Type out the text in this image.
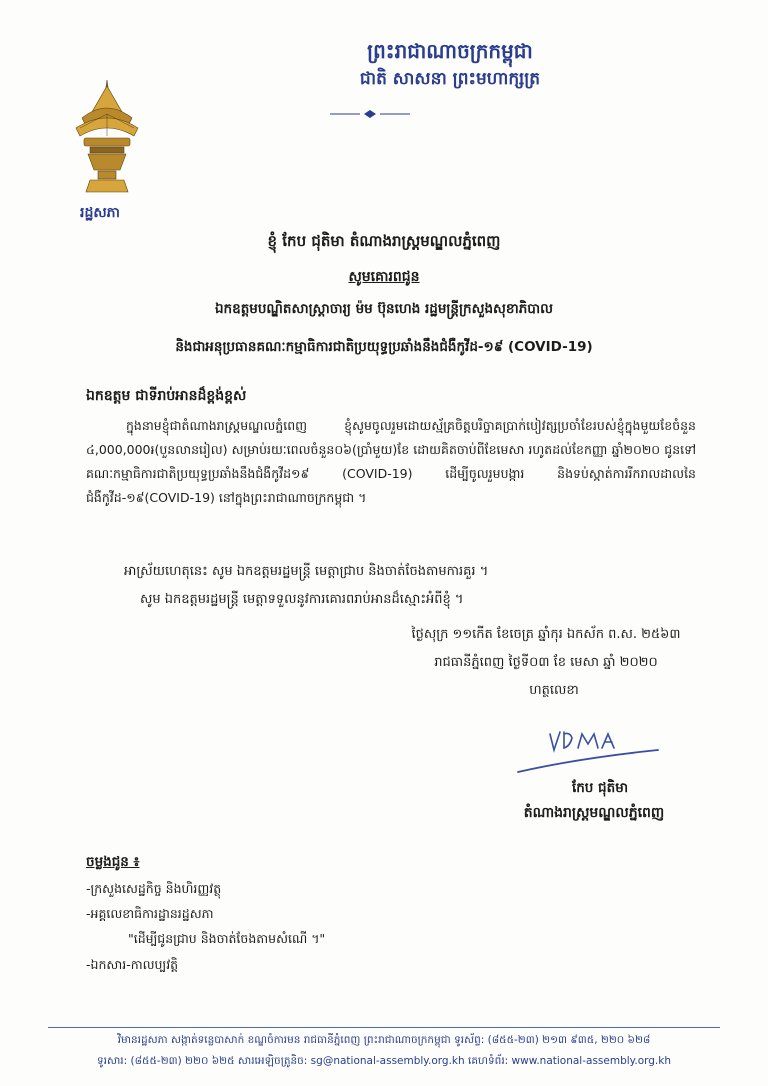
ព្រះរាជាណាចក្រកម្ពុជា
ជាតិ សាសនា ព្រះមហាក្សត្រ
រដ្ឋសភា
ខ្ញុំ កែប ជុតិមា តំណាងរាស្ត្រមណ្ឌលភ្នំពេញ
សូមគោរពជូន
ឯកឧត្តមបណ្ឌិតសាស្ត្រាចារ្យ ម៉ម ប៊ុនហេង រដ្ឋមន្ត្រីក្រសួងសុខាភិបាល
និងជាអនុប្រធានគណៈកម្មាធិការជាតិប្រយុទ្ធប្រឆាំងនឹងជំងឺកូវីដ-១៩ (COVID-19)
ឯកឧត្តម ជាទីរាប់អានដ៏ខ្ពង់ខ្ពស់
ក្នុងនាមខ្ញុំជាតំណាងរាស្ត្រមណ្ឌលភ្នំពេញ ខ្ញុំសូមចូលរួមដោយស្ម័គ្រចិត្តបរិច្ចាគប្រាក់បៀវត្សប្រចាំខែរបស់ខ្ញុំក្នុងមួយខែចំនួន ៤,000,000៛(បួនលានរៀល) សម្រាប់រយៈពេលចំនួន០៦(ប្រាំមួយ)ខែ ដោយគិតចាប់ពីខែមេសា រហូតដល់ខែកញ្ញា ឆ្នាំ២០២០ ជូនទៅគណៈកម្មាធិការជាតិប្រយុទ្ធប្រឆាំងនឹងជំងឺកូវីដ១៩ (COVID-19) ដើម្បីចូលរួមបង្ការ និងទប់ស្កាត់ការរីករាលដាលនៃជំងឺកូវីដ-១៩(COVID-19) នៅក្នុងព្រះរាជាណាចក្រកម្ពុជា ។
អាស្រ័យហេតុនេះ សូម ឯកឧត្តមរដ្ឋមន្ត្រី មេត្តាជ្រាប និងចាត់ចែងតាមការគួរ ។
សូម ឯកឧត្តមរដ្ឋមន្ត្រី មេត្តាទទួលនូវការគោរពរាប់អានដ៏ស្មោះអំពីខ្ញុំ ។
ថ្ងៃសុក្រ ១១កើត ខែចេត្រ ឆ្នាំកុរ ឯកស័ក ព.ស. ២៥៦៣
រាជធានីភ្នំពេញ ថ្ងៃទី០៣ ខែ មេសា ឆ្នាំ ២០២០
ហត្ថលេខា
កែប ជុតិមា
តំណាងរាស្ត្រមណ្ឌលភ្នំពេញ
ចម្លងជូន ៖
-ក្រសួងសេដ្ឋកិច្ច និងហិរញ្ញវត្ថុ
-អគ្គលេខាធិការដ្ឋានរដ្ឋសភា
"ដើម្បីជូនជ្រាប និងចាត់ចែងតាមសំណើ ។"
-ឯកសារ-កាលប្បវត្តិ
វិមានរដ្ឋសភា សង្កាត់ទន្លេបាសាក់ ខណ្ឌចំការមន រាជធានីភ្នំពេញ ព្រះរាជាណាចក្រកម្ពុជា ទូរស័ព្ទ: (៨៥៥-២៣) ២១៣ ៩៣៥, ២២០ ៦២៨
ទូរសារ: (៨៥៥-២៣) ២២០ ៦២៥ សារអេឡិចត្រូនិច: sg@national-assembly.org.kh គេហទំព័រ: www.national-assembly.org.kh
